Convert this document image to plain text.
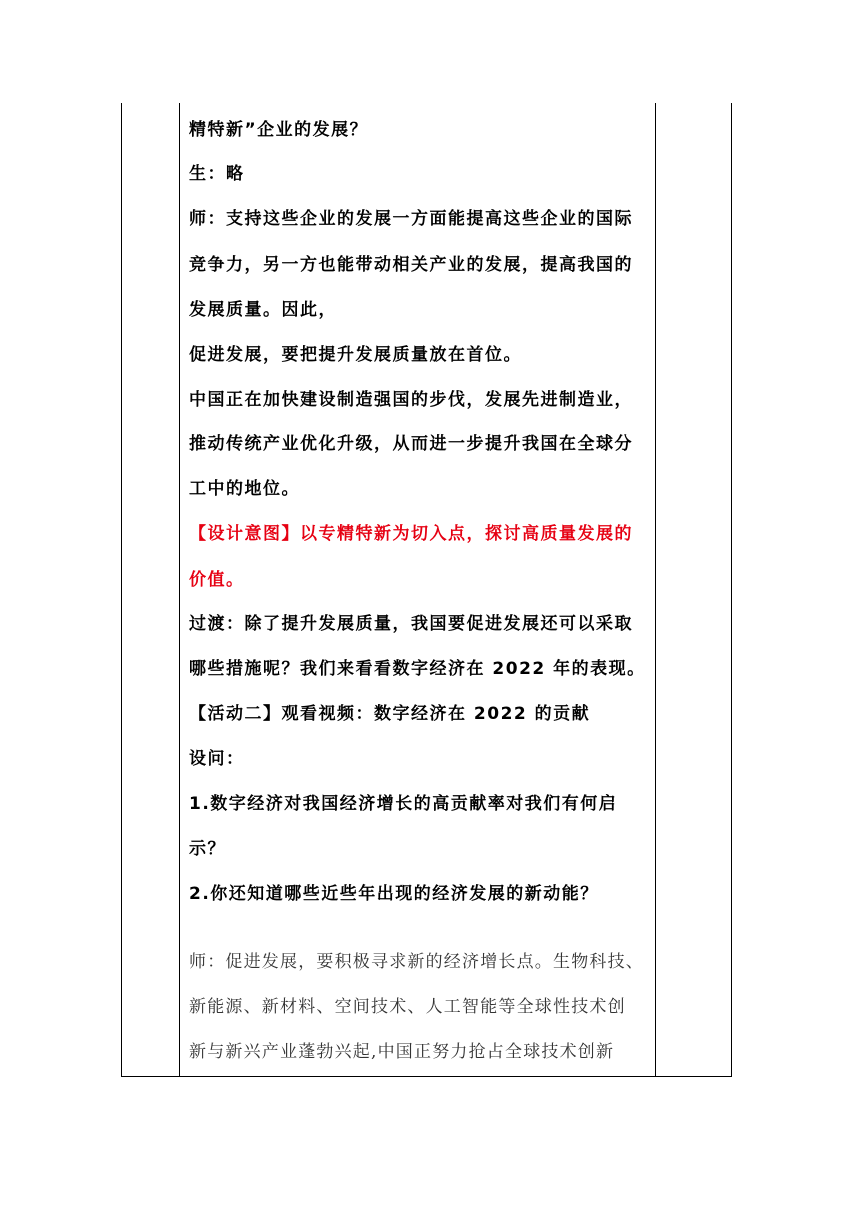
精特新”企业的发展？
生：略
师：支持这些企业的发展一方面能提高这些企业的国际
竞争力，另一方也能带动相关产业的发展，提高我国的
发展质量。因此，
促进发展，要把提升发展质量放在首位。
中国正在加快建设制造强国的步伐，发展先进制造业，
推动传统产业优化升级，从而进一步提升我国在全球分
工中的地位。
【设计意图】以专精特新为切入点，探讨高质量发展的
价值。
过渡：除了提升发展质量，我国要促进发展还可以采取
哪些措施呢？我们来看看数字经济在 2022 年的表现。
【活动二】观看视频：数字经济在 2022 的贡献
设问：
1.数字经济对我国经济增长的高贡献率对我们有何启
示？
2.你还知道哪些近些年出现的经济发展的新动能？
师：促进发展，要积极寻求新的经济增长点。生物科技、
新能源、新材料、空间技术、人工智能等全球性技术创
新与新兴产业蓬勃兴起,中国正努力抢占全球技术创新
